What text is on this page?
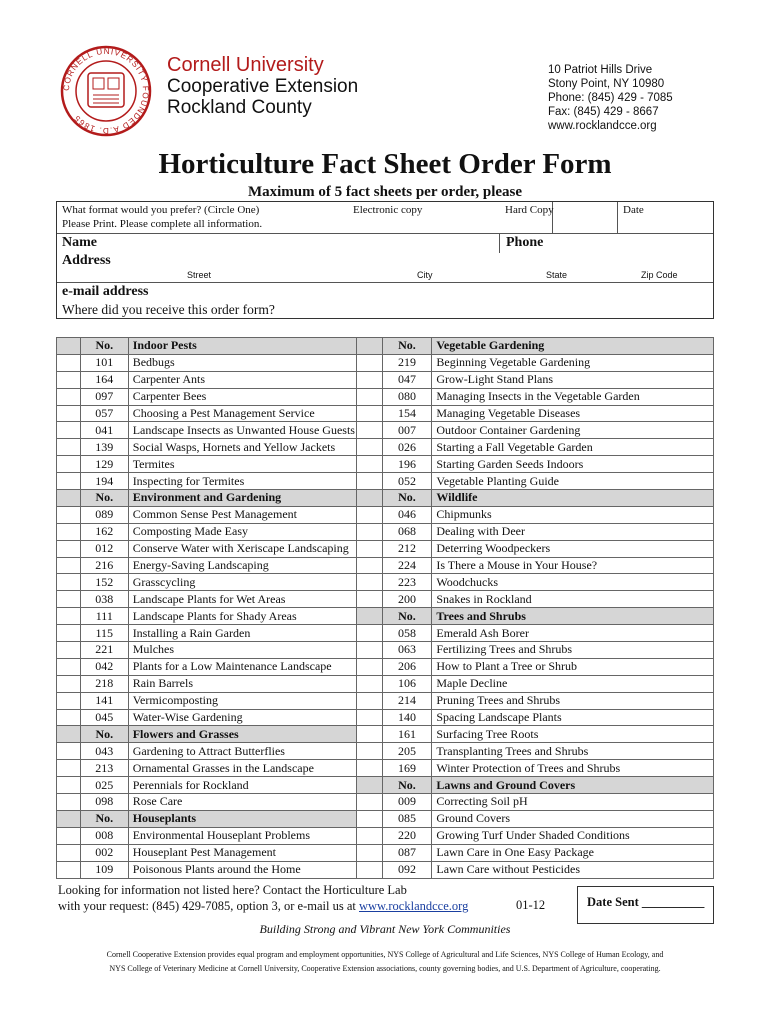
CORNELL UNIVERSITY FOUNDED A.D. 1865
Cornell University
Cooperative Extension
Rockland County
10 Patriot Hills Drive
Stony Point, NY 10980
Phone: (845) 429 - 7085
Fax: (845) 429 - 8667
www.rocklandcce.org
Horticulture Fact Sheet Order Form
Maximum of 5 fact sheets per order, please
What format would you prefer? (Circle One)
Please Print. Please complete all information.
Electronic copy	Hard Copy	Date
Name	Phone
Address
Street	City	State	Zip Code
e-mail address
Where did you receive this order form?
	No.	Indoor Pests		No.	Vegetable Gardening
	101	Bedbugs		219	Beginning Vegetable Gardening
	164	Carpenter Ants		047	Grow-Light Stand Plans
	097	Carpenter Bees		080	Managing Insects in the Vegetable Garden
	057	Choosing a Pest Management Service		154	Managing Vegetable Diseases
	041	Landscape Insects as Unwanted House Guests		007	Outdoor Container Gardening
	139	Social Wasps, Hornets and Yellow Jackets		026	Starting a Fall Vegetable Garden
	129	Termites		196	Starting Garden Seeds Indoors
	194	Inspecting for Termites		052	Vegetable Planting Guide
	No.	Environment and Gardening		No.	Wildlife
	089	Common Sense Pest Management		046	Chipmunks
	162	Composting Made Easy		068	Dealing with Deer
	012	Conserve Water with Xeriscape Landscaping		212	Deterring Woodpeckers
	216	Energy-Saving Landscaping		224	Is There a Mouse in Your House?
	152	Grasscycling		223	Woodchucks
	038	Landscape Plants for Wet Areas		200	Snakes in Rockland
	111	Landscape Plants for Shady Areas		No.	Trees and Shrubs
	115	Installing a Rain Garden		058	Emerald Ash Borer
	221	Mulches		063	Fertilizing Trees and Shrubs
	042	Plants for a Low Maintenance Landscape		206	How to Plant a Tree or Shrub
	218	Rain Barrels		106	Maple Decline
	141	Vermicomposting		214	Pruning Trees and Shrubs
	045	Water-Wise Gardening		140	Spacing Landscape Plants
	No.	Flowers and Grasses		161	Surfacing Tree Roots
	043	Gardening to Attract Butterflies		205	Transplanting Trees and Shrubs
	213	Ornamental Grasses in the Landscape		169	Winter Protection of Trees and Shrubs
	025	Perennials for Rockland		No.	Lawns and Ground Covers
	098	Rose Care		009	Correcting Soil pH
	No.	Houseplants		085	Ground Covers
	008	Environmental Houseplant Problems		220	Growing Turf Under Shaded Conditions
	002	Houseplant Pest Management		087	Lawn Care in One Easy Package
	109	Poisonous Plants around the Home		092	Lawn Care without Pesticides
Looking for information not listed here? Contact the Horticulture Lab
with your request: (845) 429-7085, option 3, or e-mail us at www.rocklandcce.org	01-12	Date Sent __________
Building Strong and Vibrant New York Communities
Cornell Cooperative Extension provides equal program and employment opportunities, NYS College of Agricultural and Life Sciences, NYS College of Human Ecology, and
NYS College of Veterinary Medicine at Cornell University, Cooperative Extension associations, county governing bodies, and U.S. Department of Agriculture, cooperating.
